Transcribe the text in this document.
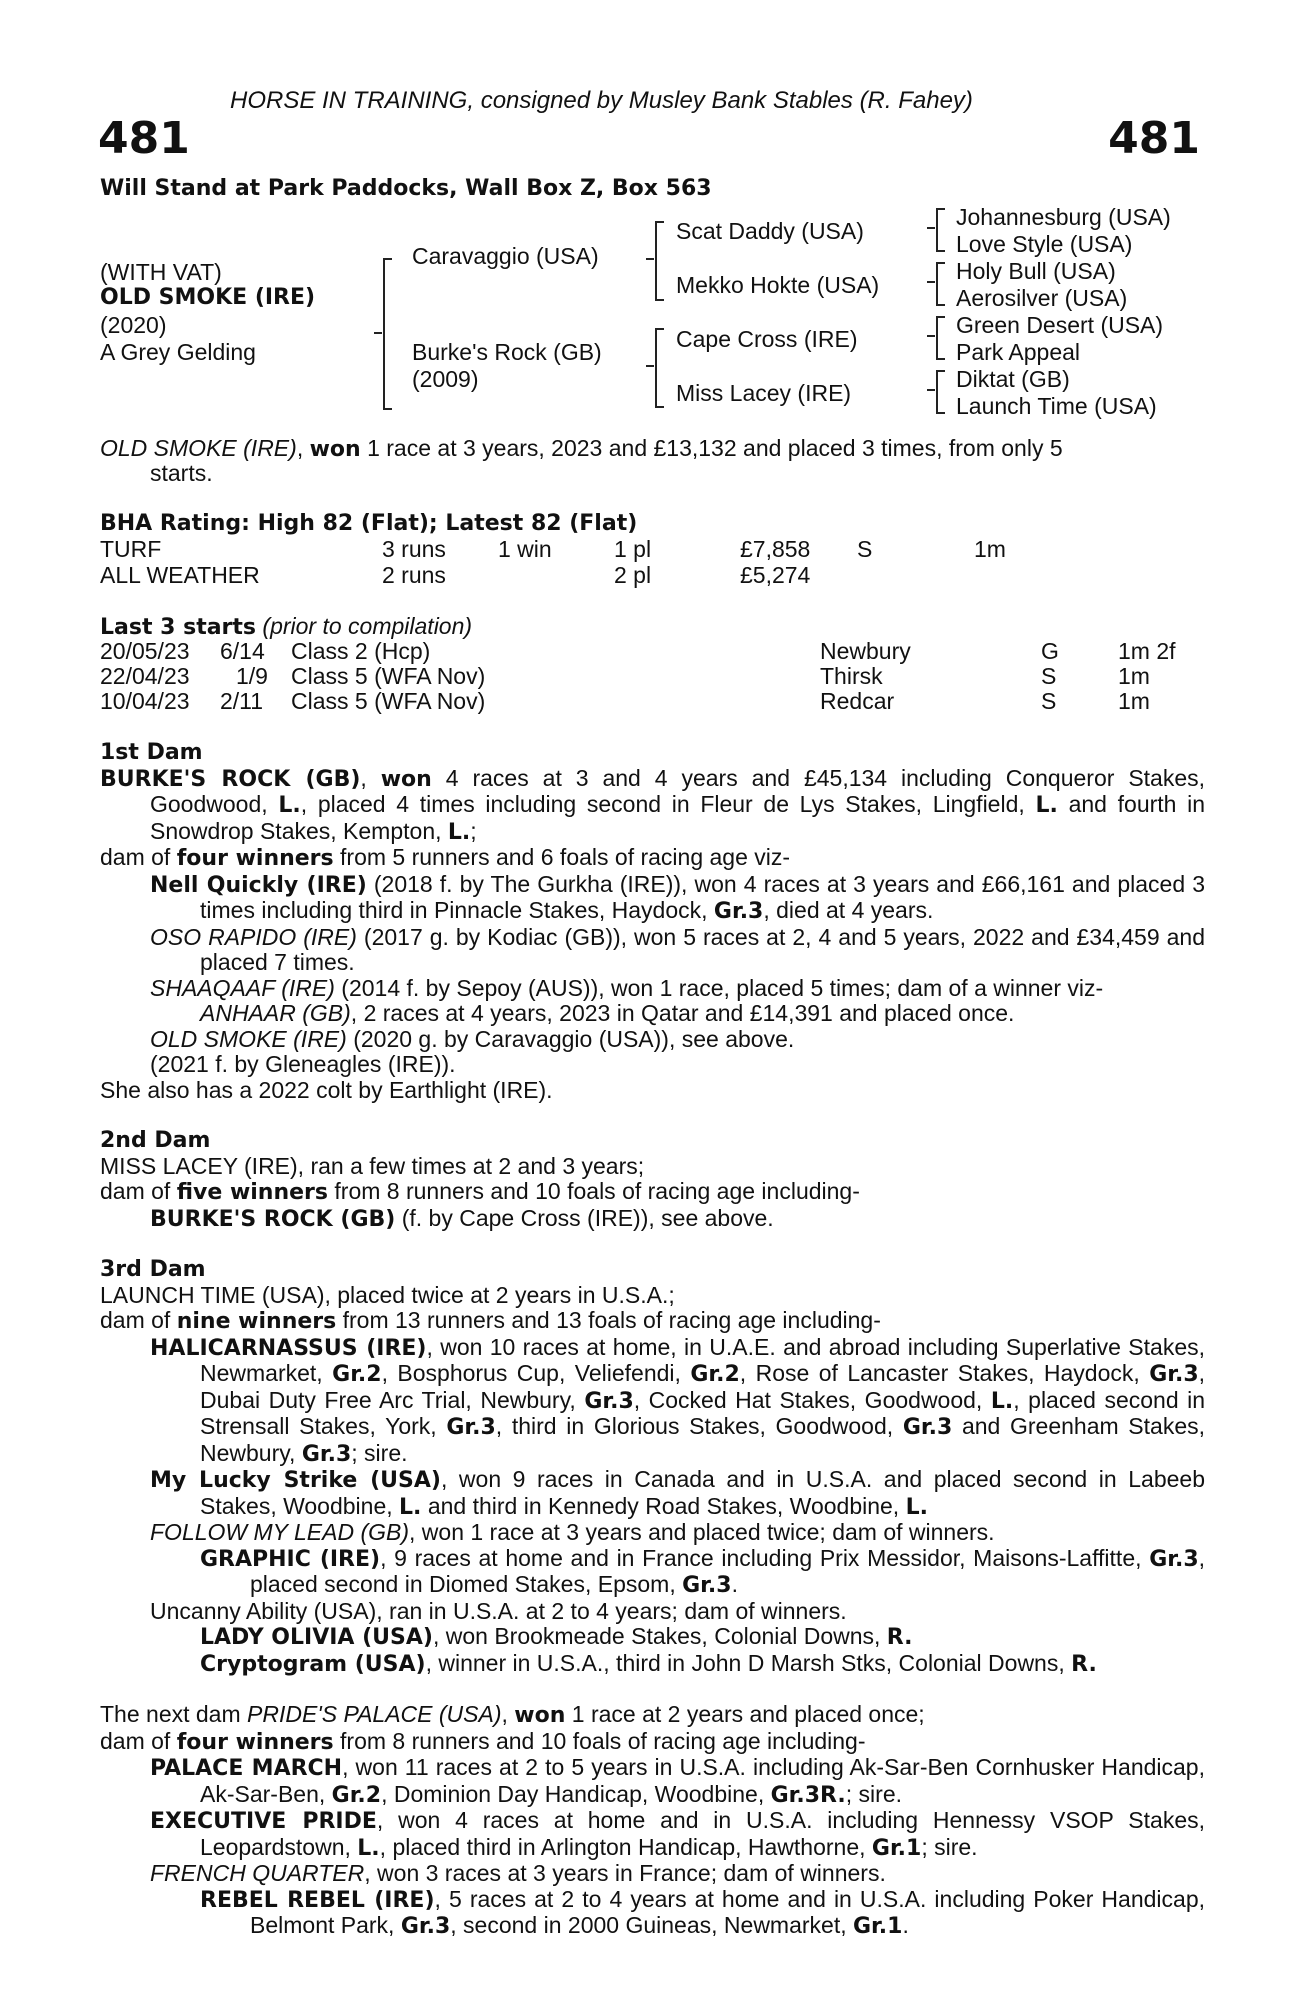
HORSE IN TRAINING, consigned by Musley Bank Stables (R. Fahey)
481	481
Will Stand at Park Paddocks, Wall Box Z, Box 563
(WITH VAT)
OLD SMOKE (IRE)
(2020)
A Grey Gelding
Caravaggio (USA)
Burke's Rock (GB)
(2009)
Scat Daddy (USA)
Mekko Hokte (USA)
Cape Cross (IRE)
Miss Lacey (IRE)
Johannesburg (USA)
Love Style (USA)
Holy Bull (USA)
Aerosilver (USA)
Green Desert (USA)
Park Appeal
Diktat (GB)
Launch Time (USA)
OLD SMOKE (IRE), won 1 race at 3 years, 2023 and £13,132 and placed 3 times, from only 5
starts.
BHA Rating: High 82 (Flat); Latest 82 (Flat)
TURF	3 runs 1 win	1 pl	£7,858 S	1m
ALL WEATHER	2 runs	2 pl	£5,274
Last 3 starts (prior to compilation)
20/05/23 6/14 Class 2 (Hcp)	Newbury	G	1m 2f
22/04/23 1/9 Class 5 (WFA Nov)	Thirsk	S	1m
10/04/23 2/11 Class 5 (WFA Nov)	Redcar	S	1m

1st Dam

BURKE'S ROCK (GB), won 4 races at 3 and 4 years and £45,134 including Conqueror Stakes, Goodwood, L., placed 4 times including second in Fleur de Lys Stakes, Lingfield, L. and fourth in Snowdrop Stakes, Kempton, L.;

dam of four winners from 5 runners and 6 foals of racing age viz-

Nell Quickly (IRE) (2018 f. by The Gurkha (IRE)), won 4 races at 3 years and £66,161 and placed 3 times including third in Pinnacle Stakes, Haydock, Gr.3, died at 4 years.

OSO RAPIDO (IRE) (2017 g. by Kodiac (GB)), won 5 races at 2, 4 and 5 years, 2022 and £34,459 and placed 7 times.

SHAAQAAF (IRE) (2014 f. by Sepoy (AUS)), won 1 race, placed 5 times; dam of a winner viz-

ANHAAR (GB), 2 races at 4 years, 2023 in Qatar and £14,391 and placed once.

OLD SMOKE (IRE) (2020 g. by Caravaggio (USA)), see above.

(2021 f. by Gleneagles (IRE)).

She also has a 2022 colt by Earthlight (IRE).

2nd Dam

MISS LACEY (IRE), ran a few times at 2 and 3 years;

dam of five winners from 8 runners and 10 foals of racing age including-

BURKE'S ROCK (GB) (f. by Cape Cross (IRE)), see above.

3rd Dam

LAUNCH TIME (USA), placed twice at 2 years in U.S.A.;

dam of nine winners from 13 runners and 13 foals of racing age including-

HALICARNASSUS (IRE), won 10 races at home, in U.A.E. and abroad including Superlative Stakes, Newmarket, Gr.2, Bosphorus Cup, Veliefendi, Gr.2, Rose of Lancaster Stakes, Haydock, Gr.3, Dubai Duty Free Arc Trial, Newbury, Gr.3, Cocked Hat Stakes, Goodwood, L., placed second in Strensall Stakes, York, Gr.3, third in Glorious Stakes, Goodwood, Gr.3 and Greenham Stakes, Newbury, Gr.3; sire.

My Lucky Strike (USA), won 9 races in Canada and in U.S.A. and placed second in Labeeb Stakes, Woodbine, L. and third in Kennedy Road Stakes, Woodbine, L.

FOLLOW MY LEAD (GB), won 1 race at 3 years and placed twice; dam of winners.

GRAPHIC (IRE), 9 races at home and in France including Prix Messidor, Maisons-Laffitte, Gr.3, placed second in Diomed Stakes, Epsom, Gr.3.

Uncanny Ability (USA), ran in U.S.A. at 2 to 4 years; dam of winners.

LADY OLIVIA (USA), won Brookmeade Stakes, Colonial Downs, R.

Cryptogram (USA), winner in U.S.A., third in John D Marsh Stks, Colonial Downs, R.

The next dam PRIDE'S PALACE (USA), won 1 race at 2 years and placed once;

dam of four winners from 8 runners and 10 foals of racing age including-

PALACE MARCH, won 11 races at 2 to 5 years in U.S.A. including Ak-Sar-Ben Cornhusker Handicap, Ak-Sar-Ben, Gr.2, Dominion Day Handicap, Woodbine, Gr.3R.; sire.

EXECUTIVE PRIDE, won 4 races at home and in U.S.A. including Hennessy VSOP Stakes, Leopardstown, L., placed third in Arlington Handicap, Hawthorne, Gr.1; sire.

FRENCH QUARTER, won 3 races at 3 years in France; dam of winners.

REBEL REBEL (IRE), 5 races at 2 to 4 years at home and in U.S.A. including Poker Handicap, Belmont Park, Gr.3, second in 2000 Guineas, Newmarket, Gr.1.
